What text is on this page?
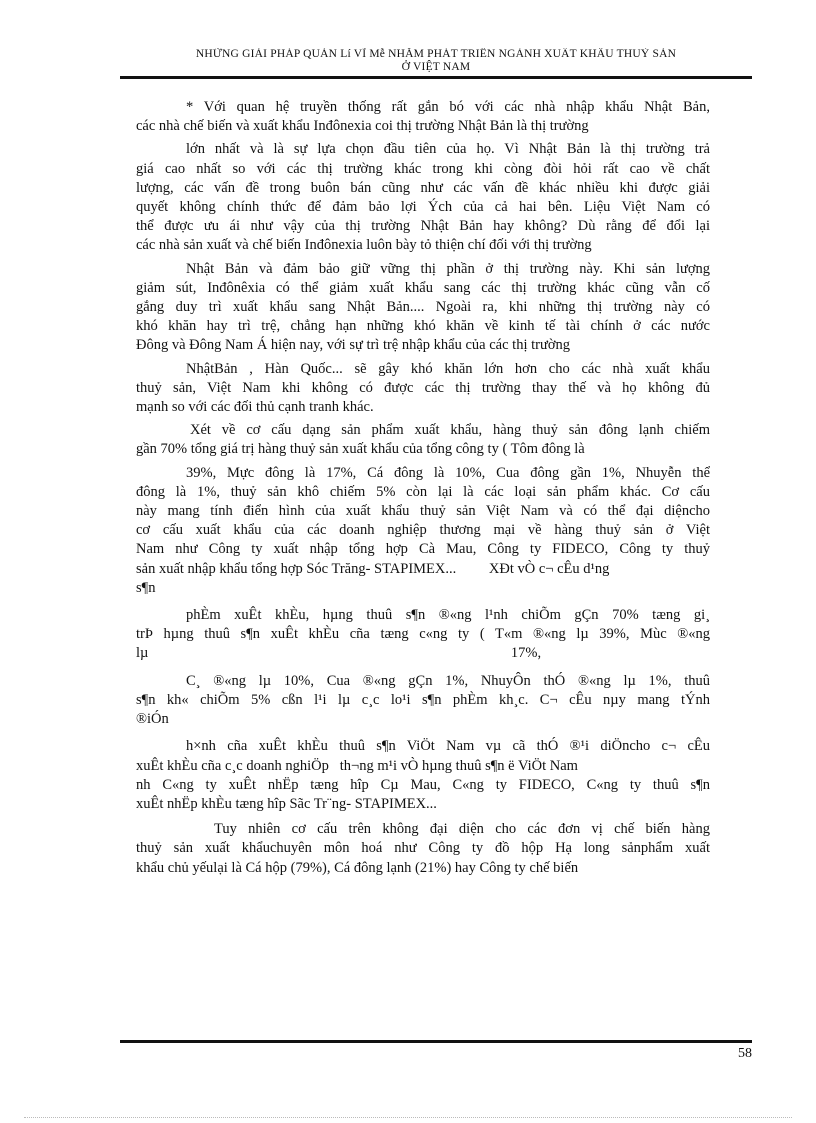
NHỮNG GIẢI PHÁP QUẢN Lí VĨ Mễ NHẰM PHÁT TRIỂN NGÀNH XUẤT KHẨU THUỶ SẢN
Ở VIỆT NAM
* Với quan hệ truyền thống rất gắn bó với các nhà nhập khẩu Nhật Bản,
các nhà chế biến và xuất khẩu Inđônexia coi thị trường Nhật Bản là thị trường
lớn nhất và là sự lựa chọn đầu tiên của họ. Vì Nhật Bản là thị trường trả
giá cao nhất so với các thị trường khác trong khi còng đòi hỏi rất cao về chất
lượng, các vấn đề trong buôn bán cũng như các vấn đề khác nhiều khi được giải
quyết không chính thức để đảm bảo lợi Ých của cả hai bên. Liệu Việt Nam có
thể được ưu ái như vậy của thị trường Nhật Bản hay không? Dù rằng để đổi lại
các nhà sản xuất và chế biến Inđônexia luôn bày tỏ thiện chí đối với thị trường
Nhật Bản và đảm bảo giữ vững thị phần ở thị trường này. Khi sản lượng
giảm sút, Inđônêxia có thể giảm xuất khẩu sang các thị trường khác cũng vẫn cố
gắng duy trì xuất khẩu sang Nhật Bản.... Ngoài ra, khi những thị trường này có
khó khăn hay trì trệ, chẳng hạn những khó khăn về kinh tế tài chính ở các nước
Đông và Đông Nam Á hiện nay, với sự trì trệ nhập khẩu của các thị trường
NhậtBản , Hàn Quốc... sẽ gây khó khăn lớn hơn cho các nhà xuất khẩu
thuỷ sản, Việt Nam khi không có được các thị trường thay thế và họ không đủ
mạnh so với các đối thủ cạnh tranh khác.
Xét về cơ cấu dạng sản phẩm xuất khẩu, hàng thuỷ sản đông lạnh chiếm
gần 70% tổng giá trị hàng thuỷ sản xuất khẩu của tổng công ty ( Tôm đông là
39%, Mực đông là 17%, Cá đông là 10%, Cua đông gần 1%, Nhuyễn thể
đông là 1%, thuỷ sản khô chiếm 5% còn lại là các loại sản phẩm khác. Cơ cấu
này mang tính điển hình của xuất khẩu thuỷ sản Việt Nam và có thể đại diệncho
cơ cấu xuất khẩu của các doanh nghiệp thương mại về hàng thuỷ sản ở Việt
Nam như Công ty xuất nhập tổng hợp Cà Mau, Công ty FIDECO, Công ty thuỷ
sản xuất nhập khẩu tổng hợp Sóc Trăng- STAPIMEX...         XÐt vÒ c¬ cÊu d¹ng
s¶n
phÈm xuÊt khÈu, hµng thuû s¶n ®«ng l¹nh chiÕm gÇn 70% tæng gi¸
trÞ hµng thuû s¶n xuÊt khÈu cña tæng c«ng ty ( T«m ®«ng lµ 39%, Mùc ®«ng
lµ                                                                                                    17%,
C¸ ®«ng lµ 10%, Cua ®«ng gÇn 1%, NhuyÔn thÓ ®«ng lµ 1%, thuû
s¶n kh« chiÕm 5% cßn l¹i lµ c¸c lo¹i s¶n phÈm kh¸c. C¬ cÊu nµy mang tÝnh
®iÓn
h×nh cña xuÊt khÈu thuû s¶n ViÖt Nam vµ cã thÓ ®¹i diÖncho c¬ cÊu
xuÊt khÈu cña c¸c doanh nghiÖp   th¬ng m¹i vÒ hµng thuû s¶n ë ViÖt Nam
nh C«ng ty xuÊt nhËp tæng hîp Cµ Mau, C«ng ty FIDECO, C«ng ty thuû s¶n
xuÊt nhËp khÈu tæng hîp Sãc Tr¨ng- STAPIMEX...
Tuy nhiên cơ cấu trên không đại diện cho các đơn vị chế biến hàng
thuỷ sản xuất khẩuchuyên môn hoá như Công ty đồ hộp Hạ long sảnphẩm xuất
khẩu chủ yếulại là Cá hộp (79%), Cá đông lạnh (21%) hay Công ty chế biến
58
